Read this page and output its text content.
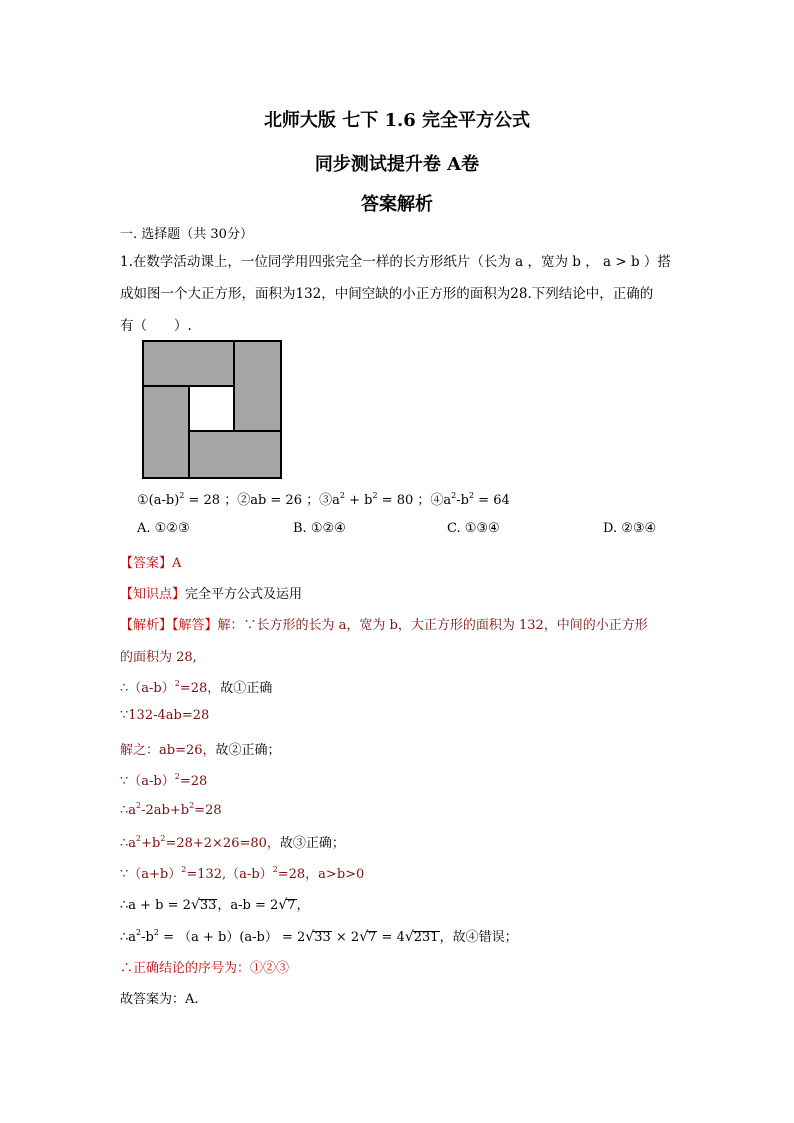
北师大版 七下 1.6 完全平方公式
同步测试提升卷 A卷
答案解析
一. 选择题（共 30分）
1.在数学活动课上，一位同学用四张完全一样的长方形纸片（长为 a ，宽为 b ， a > b ）搭
成如图一个大正方形，面积为132，中间空缺的小正方形的面积为28.下列结论中，正确的
有（　　）.
$①(a-b)^2 = 28$ ；②ab = 26 ；$③a^2 + b^2 = 80$ ；$④a^2-b^2 = 64$
A. ①②③	B. ①②④	C. ①③④	D. ②③④
【答案】A
【知识点】完全平方公式及运用
【解析】【解答】解：∵长方形的长为 a，宽为 b，大正方形的面积为 132，中间的小正方形
的面积为 28,
$\therefore(a-b)^2=28$，故①正确
∵132-4ab=28
解之：ab=26，故②正确；
$\because(a-b)^2=28$
$\therefore a^2-2ab+b^2=28$
$\therefore a^2+b^2=28+2\times 26=80$，故③正确；
$\because(a+b)^2=132,(a-b)^2=28$，a>b>0
∴a + b = 2√33，a-b = 2√7，
$\therefore a^2-b^2 = (a + b)(a-b) = 2√33 \times 2√7 = 4√231$，故④错误；
∴正确结论的序号为：①②③
故答案为：A.
